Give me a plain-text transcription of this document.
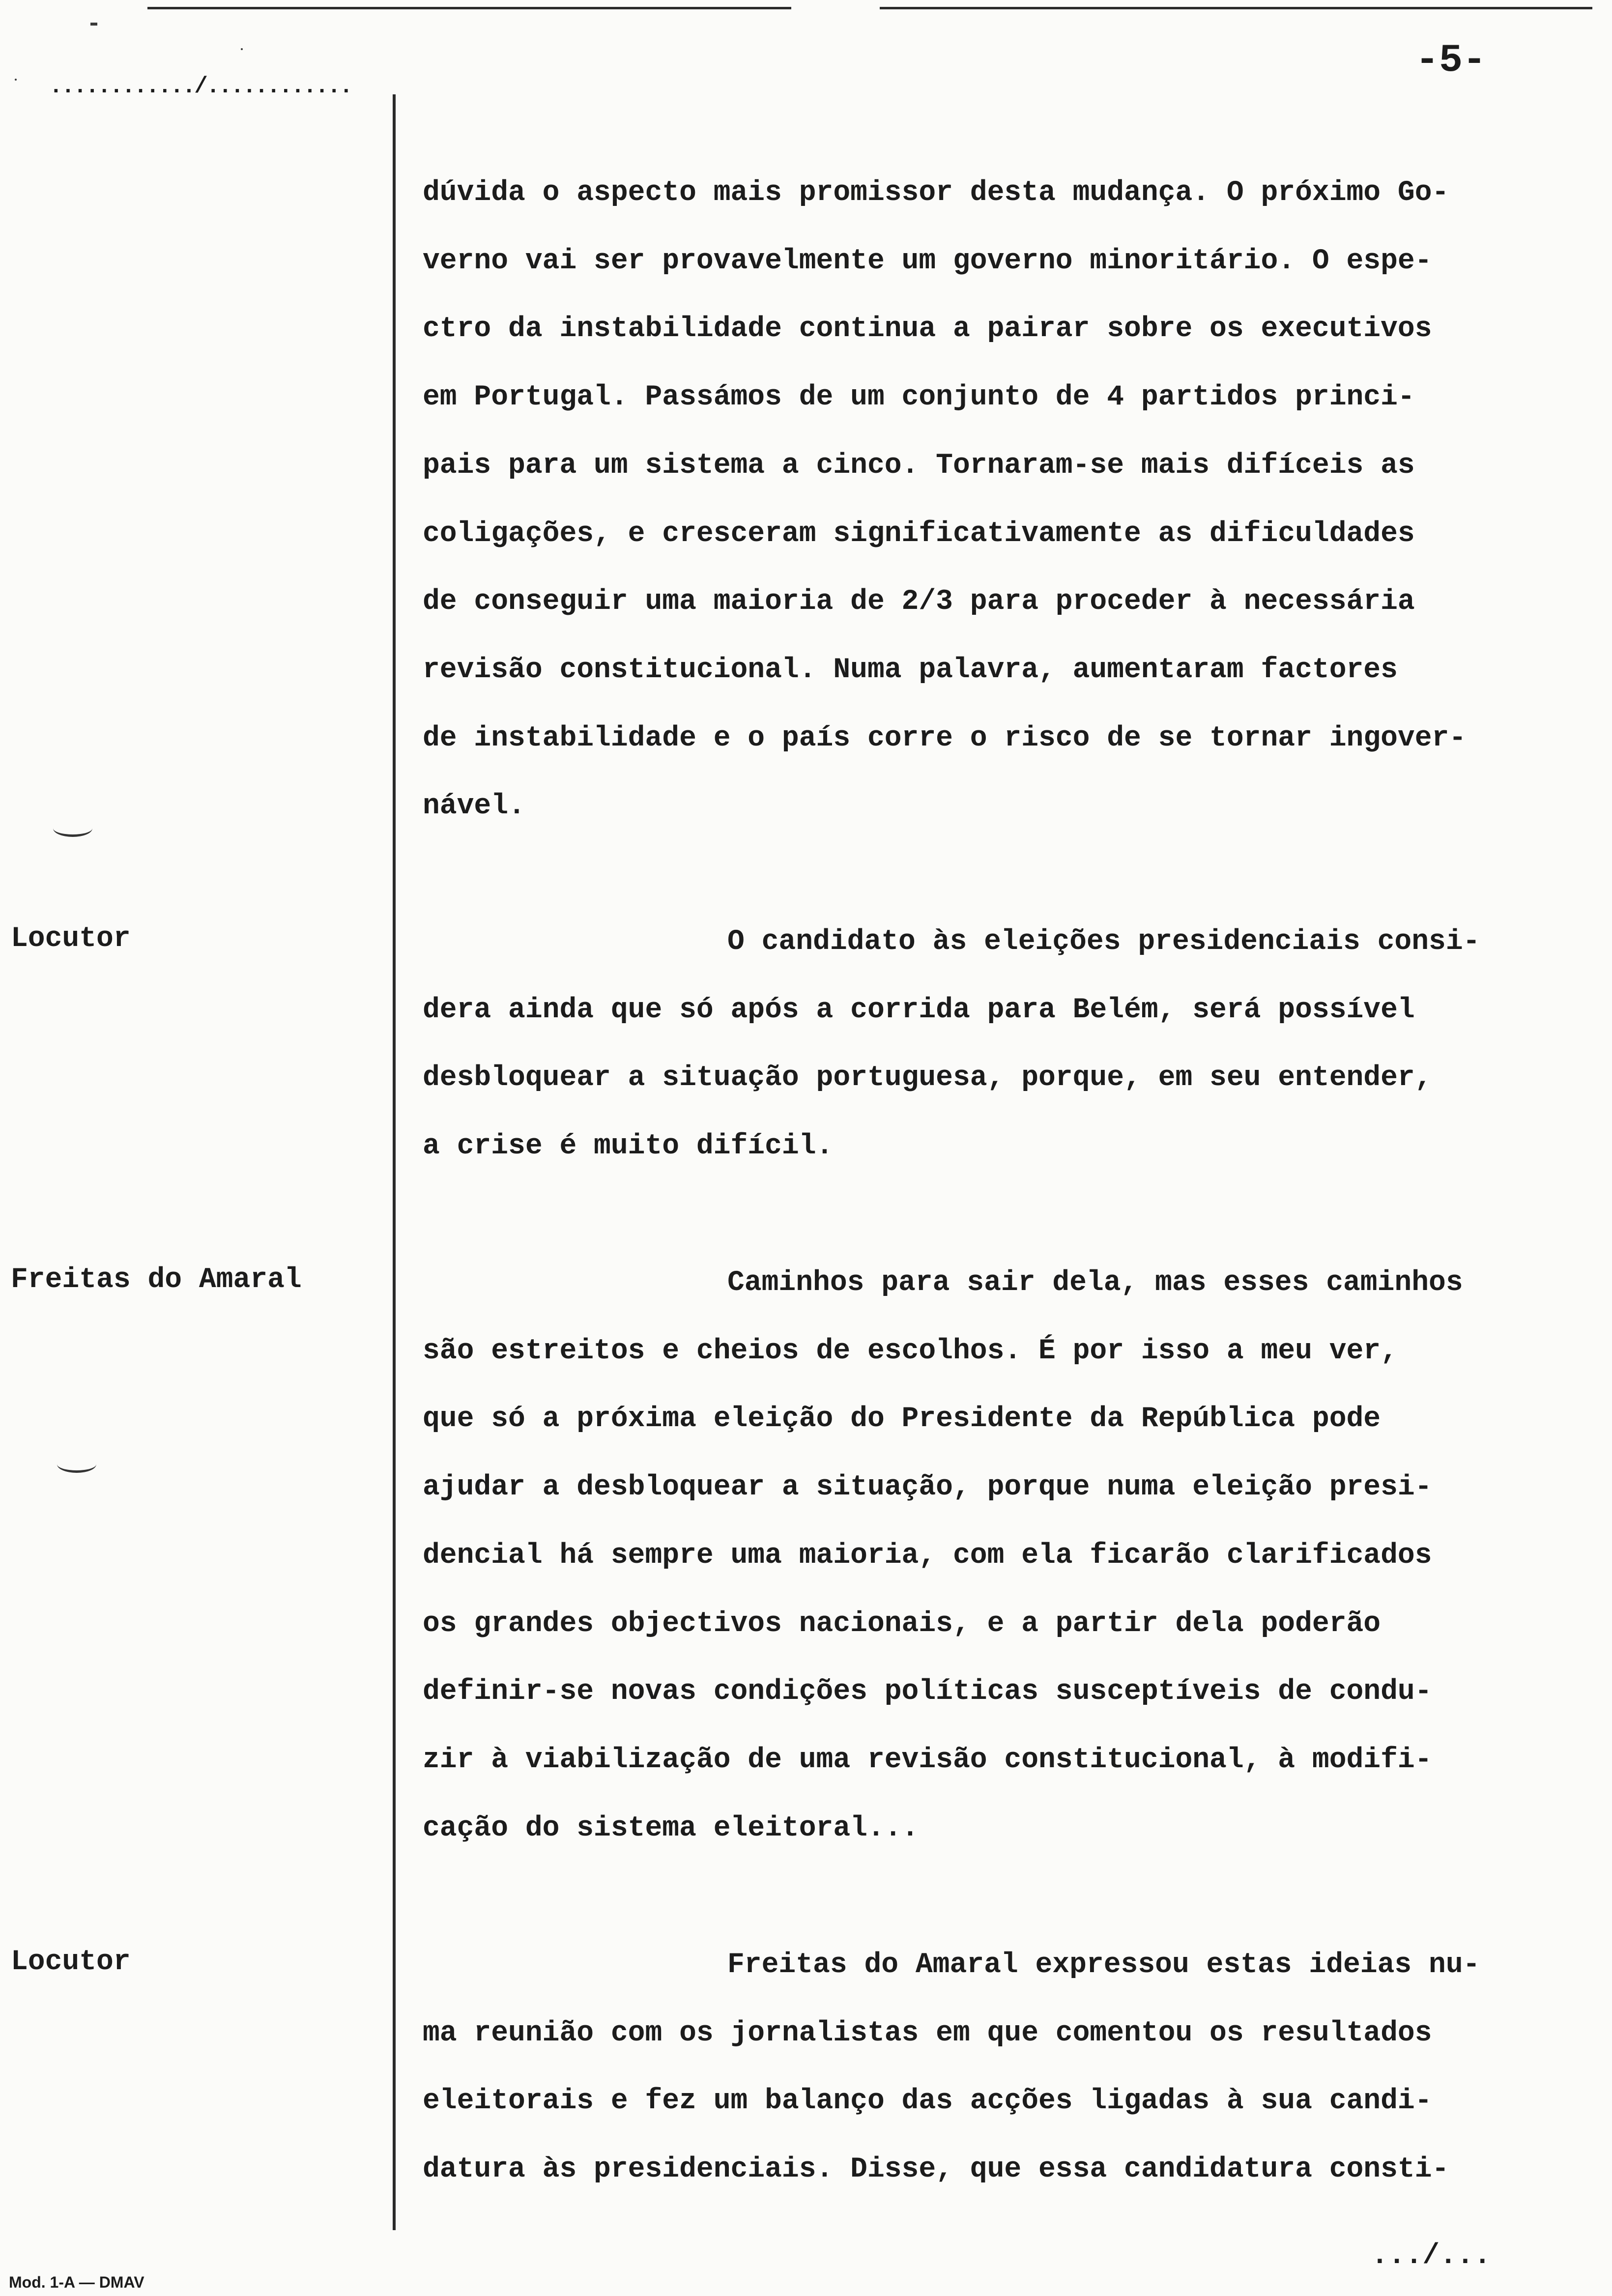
............/............
-5-
dúvida o aspecto mais promissor desta mudança. O próximo Go-
verno vai ser provavelmente um governo minoritário. O espe-
ctro da instabilidade continua a pairar sobre os executivos
em Portugal. Passámos de um conjunto de 4 partidos princi-
pais para um sistema a cinco. Tornaram-se mais difíceis as
coligações, e cresceram significativamente as dificuldades
de conseguir uma maioria de 2/3 para proceder à necessária
revisão constitucional. Numa palavra, aumentaram factores
de instabilidade e o país corre o risco de se tornar ingover-
nável.
Locutor	O candidato às eleições presidenciais consi-
dera ainda que só após a corrida para Belém, será possível
desbloquear a situação portuguesa, porque, em seu entender,
a crise é muito difícil.
Freitas do Amaral	Caminhos para sair dela, mas esses caminhos
são estreitos e cheios de escolhos. É por isso a meu ver,
que só a próxima eleição do Presidente da República pode
ajudar a desbloquear a situação, porque numa eleição presi-
dencial há sempre uma maioria, com ela ficarão clarificados
os grandes objectivos nacionais, e a partir dela poderão
definir-se novas condições políticas susceptíveis de condu-
zir à viabilização de uma revisão constitucional, à modifi-
cação do sistema eleitoral...
Locutor	Freitas do Amaral expressou estas ideias nu-
ma reunião com os jornalistas em que comentou os resultados
eleitorais e fez um balanço das acções ligadas à sua candi-
datura às presidenciais. Disse, que essa candidatura consti-
.../...
Mod. 1-A — DMAV
